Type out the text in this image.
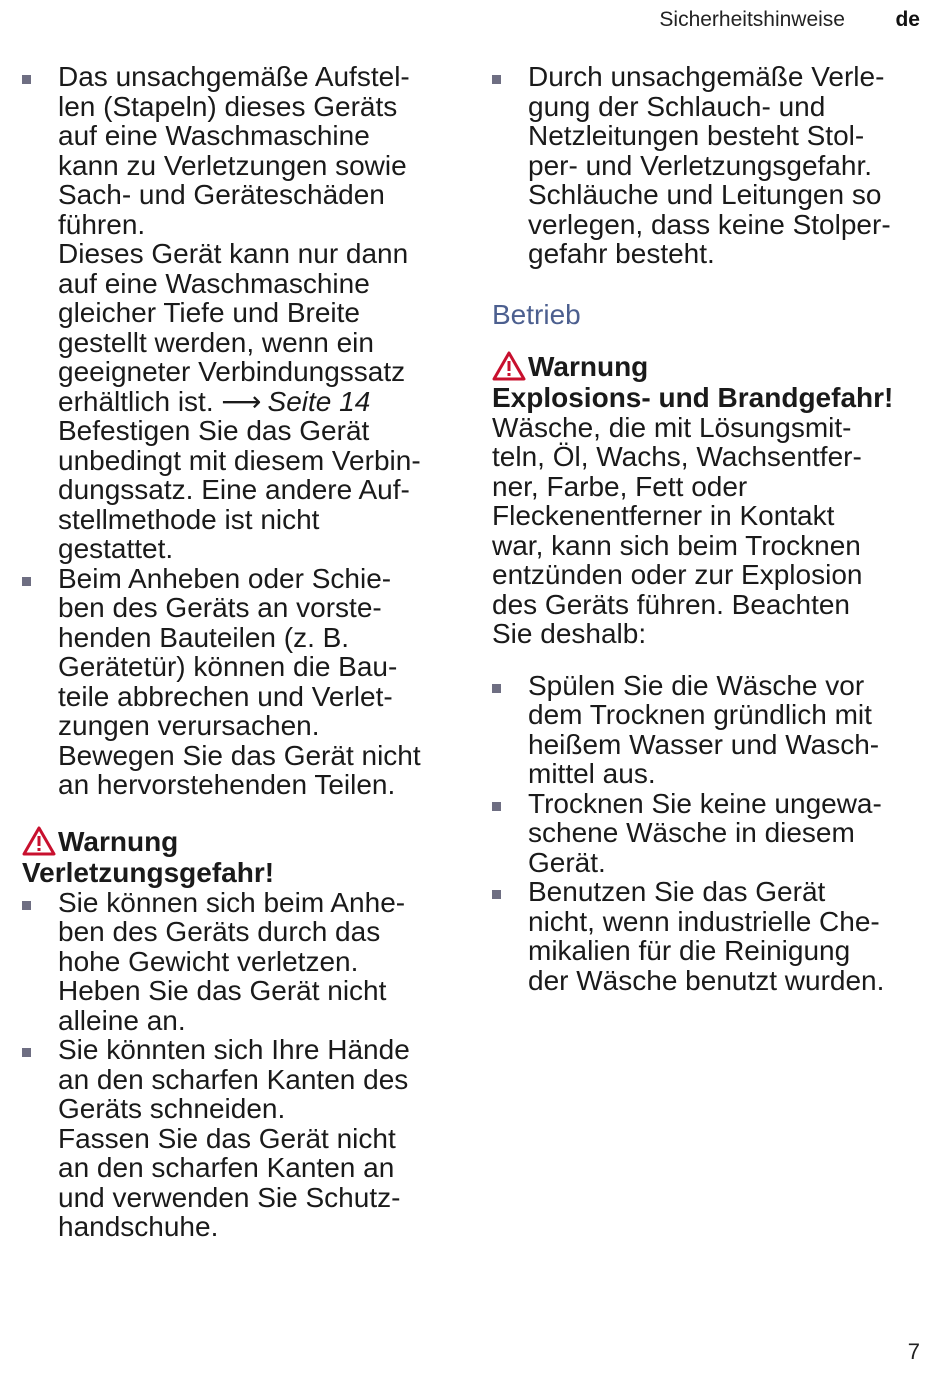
Sicherheitshinweise de
Das unsachgemäße Aufstel-
len (Stapeln) dieses Geräts
auf eine Waschmaschine
kann zu Verletzungen sowie
Sach- und Geräteschäden
führen.
Dieses Gerät kann nur dann
auf eine Waschmaschine
gleicher Tiefe und Breite
gestellt werden, wenn ein
geeigneter Verbindungssatz
erhältlich ist. ⟶ Seite 14
Befestigen Sie das Gerät
unbedingt mit diesem Verbin-
dungssatz. Eine andere Auf-
stellmethode ist nicht
gestattet.
Beim Anheben oder Schie-
ben des Geräts an vorste-
henden Bauteilen (z. B.
Gerätetür) können die Bau-
teile abbrechen und Verlet-
zungen verursachen.
Bewegen Sie das Gerät nicht
an hervorstehenden Teilen.
Warnung
Verletzungsgefahr!
Sie können sich beim Anhe-
ben des Geräts durch das
hohe Gewicht verletzen.
Heben Sie das Gerät nicht
alleine an.
Sie könnten sich Ihre Hände
an den scharfen Kanten des
Geräts schneiden.
Fassen Sie das Gerät nicht
an den scharfen Kanten an
und verwenden Sie Schutz-
handschuhe.
Durch unsachgemäße Verle-
gung der Schlauch- und
Netzleitungen besteht Stol-
per- und Verletzungsgefahr.
Schläuche und Leitungen so
verlegen, dass keine Stolper-
gefahr besteht.
Betrieb
Warnung
Explosions- und Brandgefahr!
Wäsche, die mit Lösungsmit-
teln, Öl, Wachs, Wachsentfer-
ner, Farbe, Fett oder
Fleckenentferner in Kontakt
war, kann sich beim Trocknen
entzünden oder zur Explosion
des Geräts führen. Beachten
Sie deshalb:
Spülen Sie die Wäsche vor
dem Trocknen gründlich mit
heißem Wasser und Wasch-
mittel aus.
Trocknen Sie keine ungewa-
schene Wäsche in diesem
Gerät.
Benutzen Sie das Gerät
nicht, wenn industrielle Che-
mikalien für die Reinigung
der Wäsche benutzt wurden.
7
